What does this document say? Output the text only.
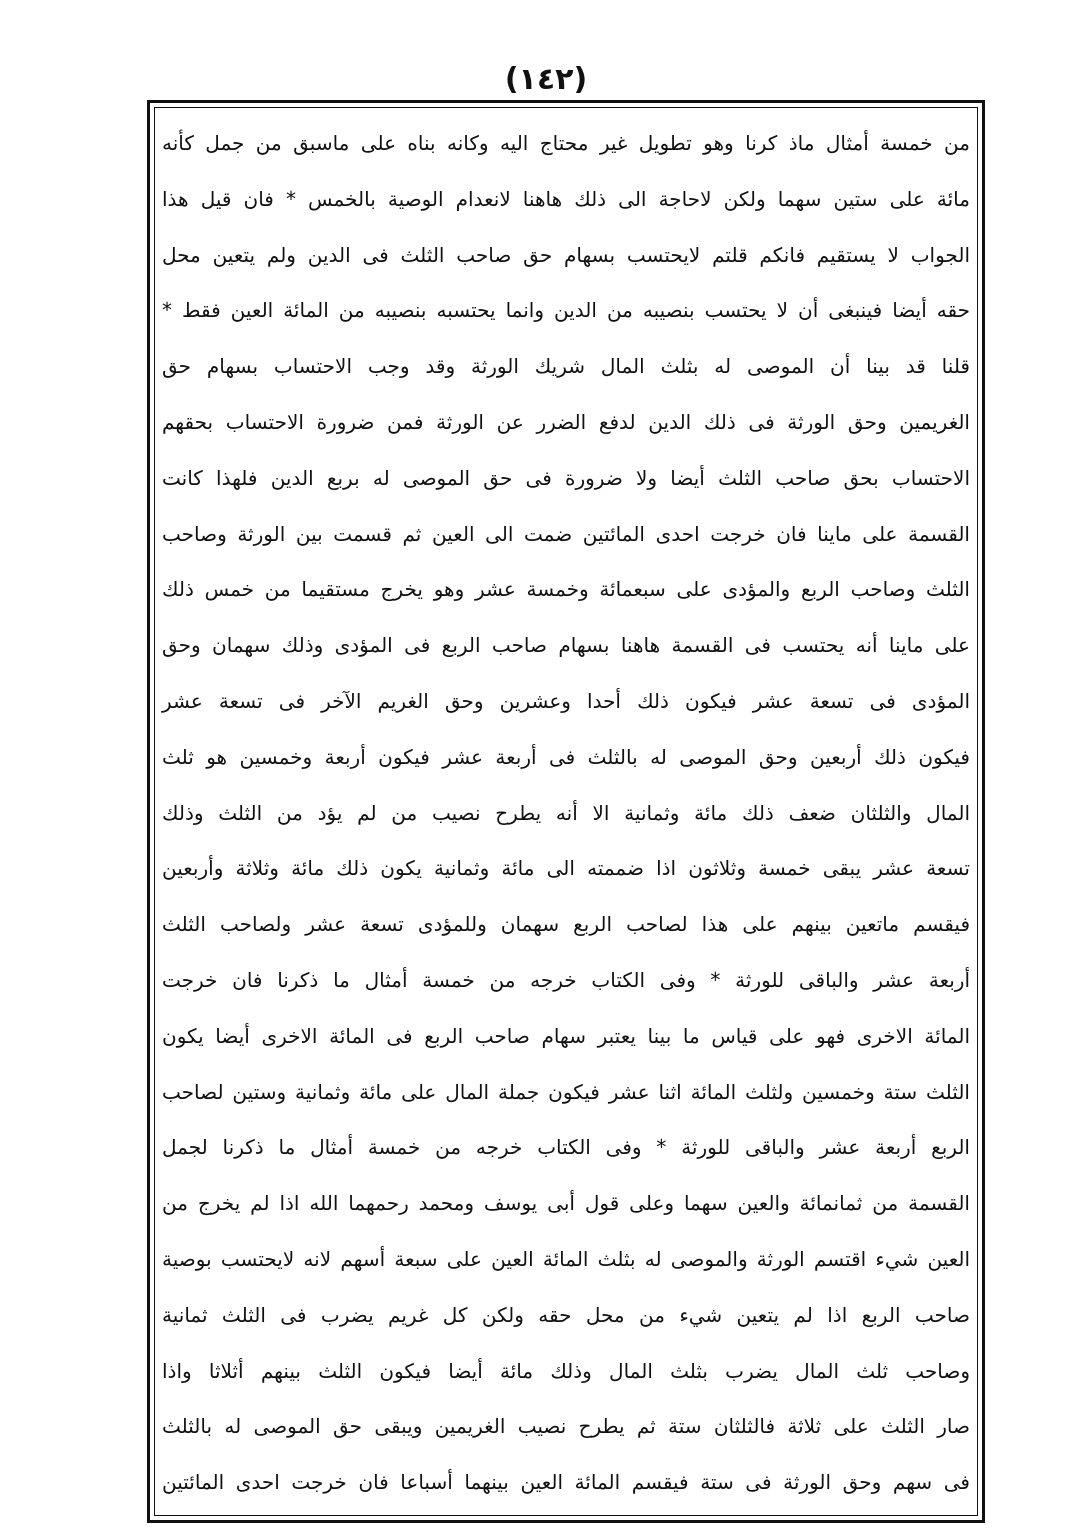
(١٤٢)
من خمسة أمثال ماذ كرنا وهو تطويل غير محتاج اليه وكانه بناه على ماسبق من جمل كأنه
مائة على ستين سهما ولكن لاحاجة الى ذلك هاهنا لانعدام الوصية بالخمس * فان قيل هذا
الجواب لا يستقيم فانكم قلتم لايحتسب بسهام حق صاحب الثلث فى الدين ولم يتعين محل
حقه أيضا فينبغى أن لا يحتسب بنصيبه من الدين وانما يحتسبه بنصيبه من المائة العين فقط *
قلنا قد بينا أن الموصى له بثلث المال شريك الورثة وقد وجب الاحتساب بسهام حق
الغريمين وحق الورثة فى ذلك الدين لدفع الضرر عن الورثة فمن ضرورة الاحتساب بحقهم
الاحتساب بحق صاحب الثلث أيضا ولا ضرورة فى حق الموصى له بربع الدين فلهذا كانت
القسمة على ماينا فان خرجت احدى المائتين ضمت الى العين ثم قسمت بين الورثة وصاحب
الثلث وصاحب الربع والمؤدى على سبعمائة وخمسة عشر وهو يخرج مستقيما من خمس ذلك
على ماينا أنه يحتسب فى القسمة هاهنا بسهام صاحب الربع فى المؤدى وذلك سهمان وحق
المؤدى فى تسعة عشر فيكون ذلك أحدا وعشرين وحق الغريم الآخر فى تسعة عشر
فيكون ذلك أربعين وحق الموصى له بالثلث فى أربعة عشر فيكون أربعة وخمسين هو ثلث
المال والثلثان ضعف ذلك مائة وثمانية الا أنه يطرح نصيب من لم يؤد من الثلث وذلك
تسعة عشر يبقى خمسة وثلاثون اذا ضممته الى مائة وثمانية يكون ذلك مائة وثلاثة وأربعين
فيقسم ماتعين بينهم على هذا لصاحب الربع سهمان وللمؤدى تسعة عشر ولصاحب الثلث
أربعة عشر والباقى للورثة * وفى الكتاب خرجه من خمسة أمثال ما ذكرنا فان خرجت
المائة الاخرى فهو على قياس ما بينا يعتبر سهام صاحب الربع فى المائة الاخرى أيضا يكون
الثلث ستة وخمسين ولثلث المائة اثنا عشر فيكون جملة المال على مائة وثمانية وستين لصاحب
الربع أربعة عشر والباقى للورثة * وفى الكتاب خرجه من خمسة أمثال ما ذكرنا لجمل
القسمة من ثمانمائة والعين سهما وعلى قول أبى يوسف ومحمد رحمهما الله اذا لم يخرج من
العين شيء اقتسم الورثة والموصى له بثلث المائة العين على سبعة أسهم لانه لايحتسب بوصية
صاحب الربع اذا لم يتعين شيء من محل حقه ولكن كل غريم يضرب فى الثلث ثمانية
وصاحب ثلث المال يضرب بثلث المال وذلك مائة أيضا فيكون الثلث بينهم أثلاثا واذا
صار الثلث على ثلاثة فالثلثان ستة ثم يطرح نصيب الغريمين ويبقى حق الموصى له بالثلث
فى سهم وحق الورثة فى ستة فيقسم المائة العين بينهما أسباعا فان خرجت احدى المائتين
